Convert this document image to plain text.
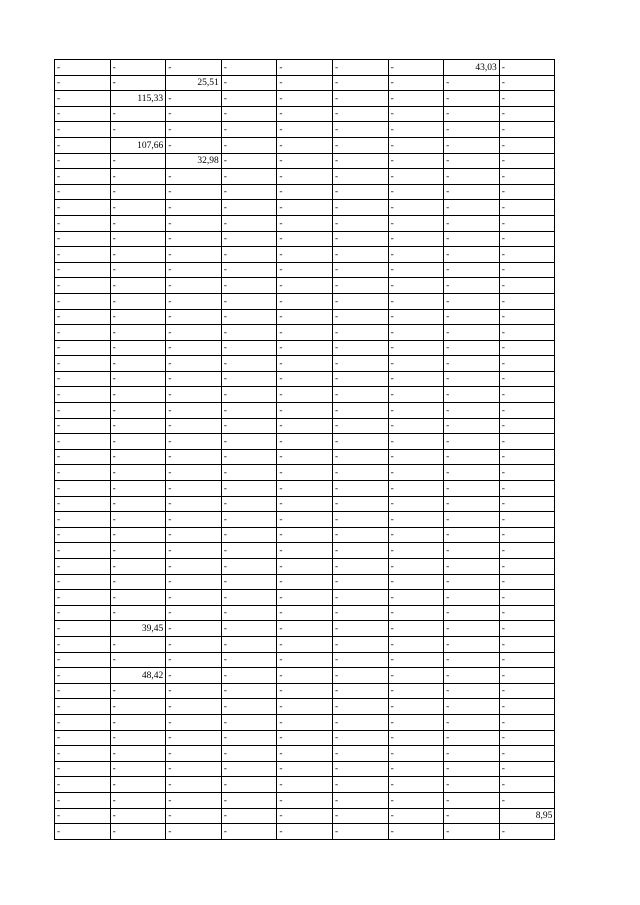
-	-	-	-	-	-	-	43,03	-
-	-	25,51	-	-	-	-	-	-
-	115,33	-	-	-	-	-	-	-
-	-	-	-	-	-	-	-	-
-	-	-	-	-	-	-	-	-
-	107,66	-	-	-	-	-	-	-
-	-	32,98	-	-	-	-	-	-
-	-	-	-	-	-	-	-	-
-	-	-	-	-	-	-	-	-
-	-	-	-	-	-	-	-	-
-	-	-	-	-	-	-	-	-
-	-	-	-	-	-	-	-	-
-	-	-	-	-	-	-	-	-
-	-	-	-	-	-	-	-	-
-	-	-	-	-	-	-	-	-
-	-	-	-	-	-	-	-	-
-	-	-	-	-	-	-	-	-
-	-	-	-	-	-	-	-	-
-	-	-	-	-	-	-	-	-
-	-	-	-	-	-	-	-	-
-	-	-	-	-	-	-	-	-
-	-	-	-	-	-	-	-	-
-	-	-	-	-	-	-	-	-
-	-	-	-	-	-	-	-	-
-	-	-	-	-	-	-	-	-
-	-	-	-	-	-	-	-	-
-	-	-	-	-	-	-	-	-
-	-	-	-	-	-	-	-	-
-	-	-	-	-	-	-	-	-
-	-	-	-	-	-	-	-	-
-	-	-	-	-	-	-	-	-
-	-	-	-	-	-	-	-	-
-	-	-	-	-	-	-	-	-
-	-	-	-	-	-	-	-	-
-	-	-	-	-	-	-	-	-
-	-	-	-	-	-	-	-	-
-	39,45	-	-	-	-	-	-	-
-	-	-	-	-	-	-	-	-
-	-	-	-	-	-	-	-	-
-	48,42	-	-	-	-	-	-	-
-	-	-	-	-	-	-	-	-
-	-	-	-	-	-	-	-	-
-	-	-	-	-	-	-	-	-
-	-	-	-	-	-	-	-	-
-	-	-	-	-	-	-	-	-
-	-	-	-	-	-	-	-	-
-	-	-	-	-	-	-	-	-
-	-	-	-	-	-	-	-	-
-	-	-	-	-	-	-	-	8,95
-	-	-	-	-	-	-	-	-
